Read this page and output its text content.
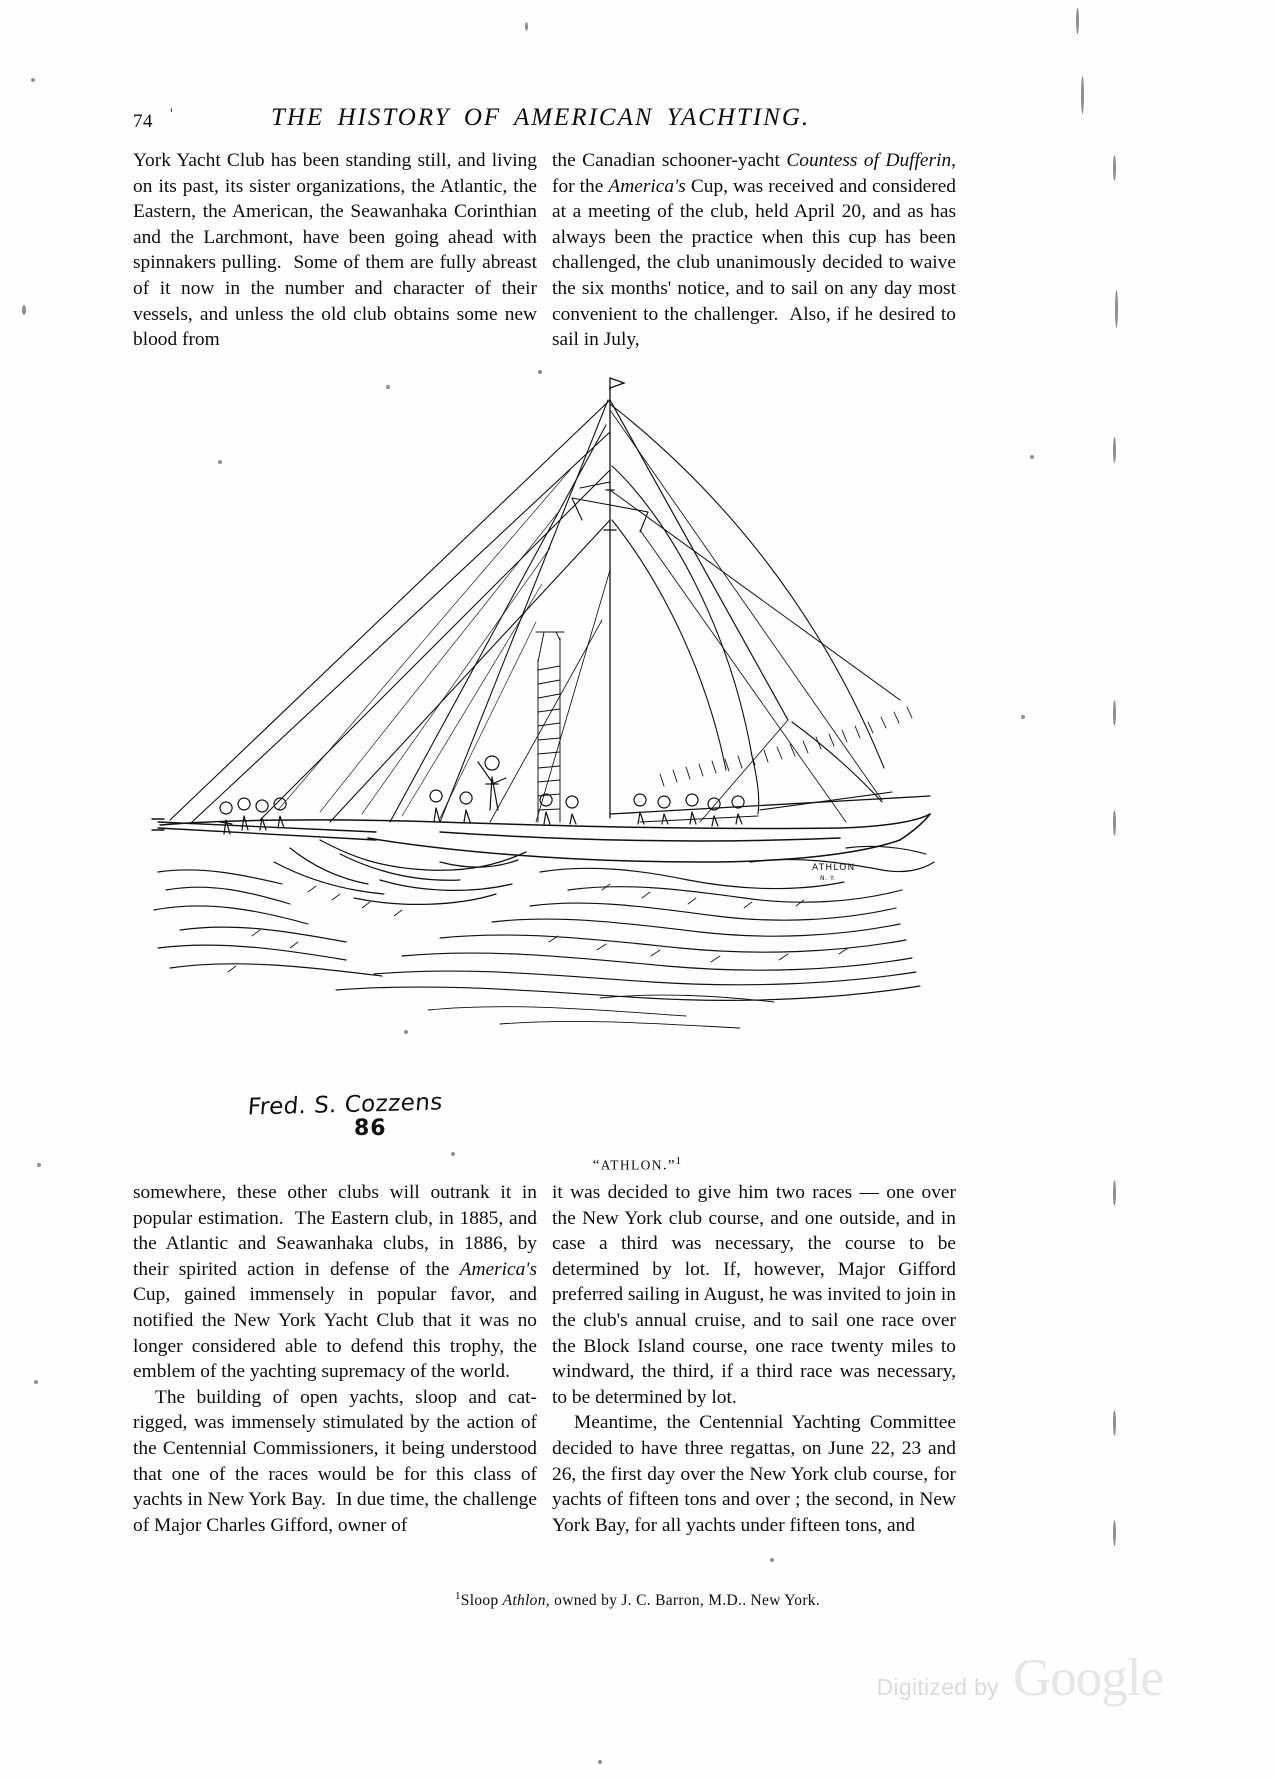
74 '	THE HISTORY OF AMERICAN YACHTING.

York Yacht Club has been standing still, and living on its past, its sister organizations, the Atlantic, the Eastern, the American, the Seawanhaka Corinthian and the Larchmont, have been going ahead with spinnakers pulling.  Some of them are fully abreast of it now in the number and character of their vessels, and unless the old club obtains some new blood from

the Canadian schooner-yacht Countess of Dufferin, for the America's Cup, was received and considered at a meeting of the club, held April 20, and as has always been the practice when this cup has been challenged, the club unanimously decided to waive the six months' notice, and to sail on any day most convenient to the challenger.  Also, if he desired to sail in July,

ATHLON
N. Y.
Fred. S. Cozzens
86
“ATHLON.”$^1$

somewhere, these other clubs will outrank it in popular estimation.  The Eastern club, in 1885, and the Atlantic and Seawanhaka clubs, in 1886, by their spirited action in defense of the America's Cup, gained immensely in popular favor, and notified the New York Yacht Club that it was no longer considered able to defend this trophy, the emblem of the yachting supremacy of the world.

The building of open yachts, sloop and cat-rigged, was immensely stimulated by the action of the Centennial Commissioners, it being understood that one of the races would be for this class of yachts in New York Bay.  In due time, the challenge of Major Charles Gifford, owner of

it was decided to give him two races — one over the New York club course, and one outside, and in case a third was necessary, the course to be determined by lot. If, however, Major Gifford preferred sailing in August, he was invited to join in the club's annual cruise, and to sail one race over the Block Island course, one race twenty miles to windward, the third, if a third race was necessary, to be determined by lot.

Meantime, the Centennial Yachting Committee decided to have three regattas, on June 22, 23 and 26, the first day over the New York club course, for yachts of fifteen tons and over ; the second, in New York Bay, for all yachts under fifteen tons, and

$^1$Sloop Athlon, owned by J. C. Barron, M.D.. New York.
Digitized by Google
